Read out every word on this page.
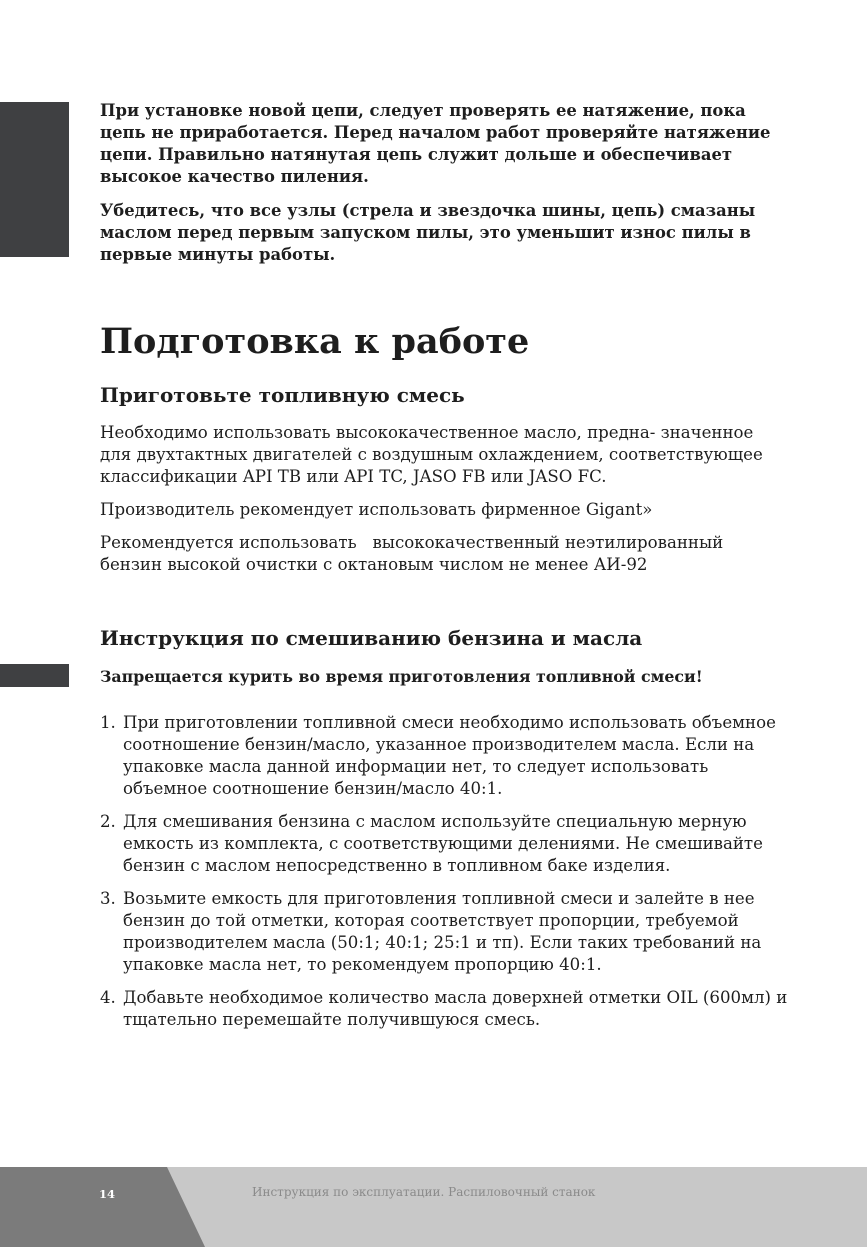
При установке новой цепи, следует проверять ее натяжение, пока цепь не приработается. Перед началом работ проверяйте натяжение цепи. Правильно натянутая цепь служит дольше и обеспечивает высокое качество пиления.

Убедитесь, что все узлы (стрела и звездочка шины, цепь) смазаны маслом перед первым запуском пилы, это уменьшит износ пилы в первые минуты работы.

Подготовка к работе
Приготовьте топливную смесь

Необходимо использовать высококачественное масло, предна- значенное для двухтактных двигателей с воздушным охлаждением, соответствующее классификации API TB или API TC, JASO FB или JASO FC.

Производитель рекомендует использовать фирменное Gigant»

Рекомендуется использовать   высококачественный неэтилированный бензин высокой очистки с октановым числом не менее АИ-92

Инструкция по смешиванию бензина и масла

Запрещается курить во время приготовления топливной смеси!

1. При приготовлении топливной смеси необходимо использовать объемное соотношение бензин/масло, указанное производителем масла. Если на упаковке масла данной информации нет, то следует использовать объемное соотношение бензин/масло 40:1.
2. Для смешивания бензина с маслом используйте специальную мерную емкость из комплекта, с соответствующими делениями. Не смешивайте бензин с маслом непосредственно в топливном баке изделия.
3. Возьмите емкость для приготовления топливной смеси и залейте в нее бензин до той отметки, которая соответствует пропорции, требуемой производителем масла (50:1; 40:1; 25:1 и тп). Если таких требований на упаковке масла нет, то рекомендуем пропорцию 40:1.
4. Добавьте необходимое количество масла доверхней отметки OIL (600мл) и тщательно перемешайте получившуюся смесь.
14	Инструкция по эксплуатации. Распиловочный станок
